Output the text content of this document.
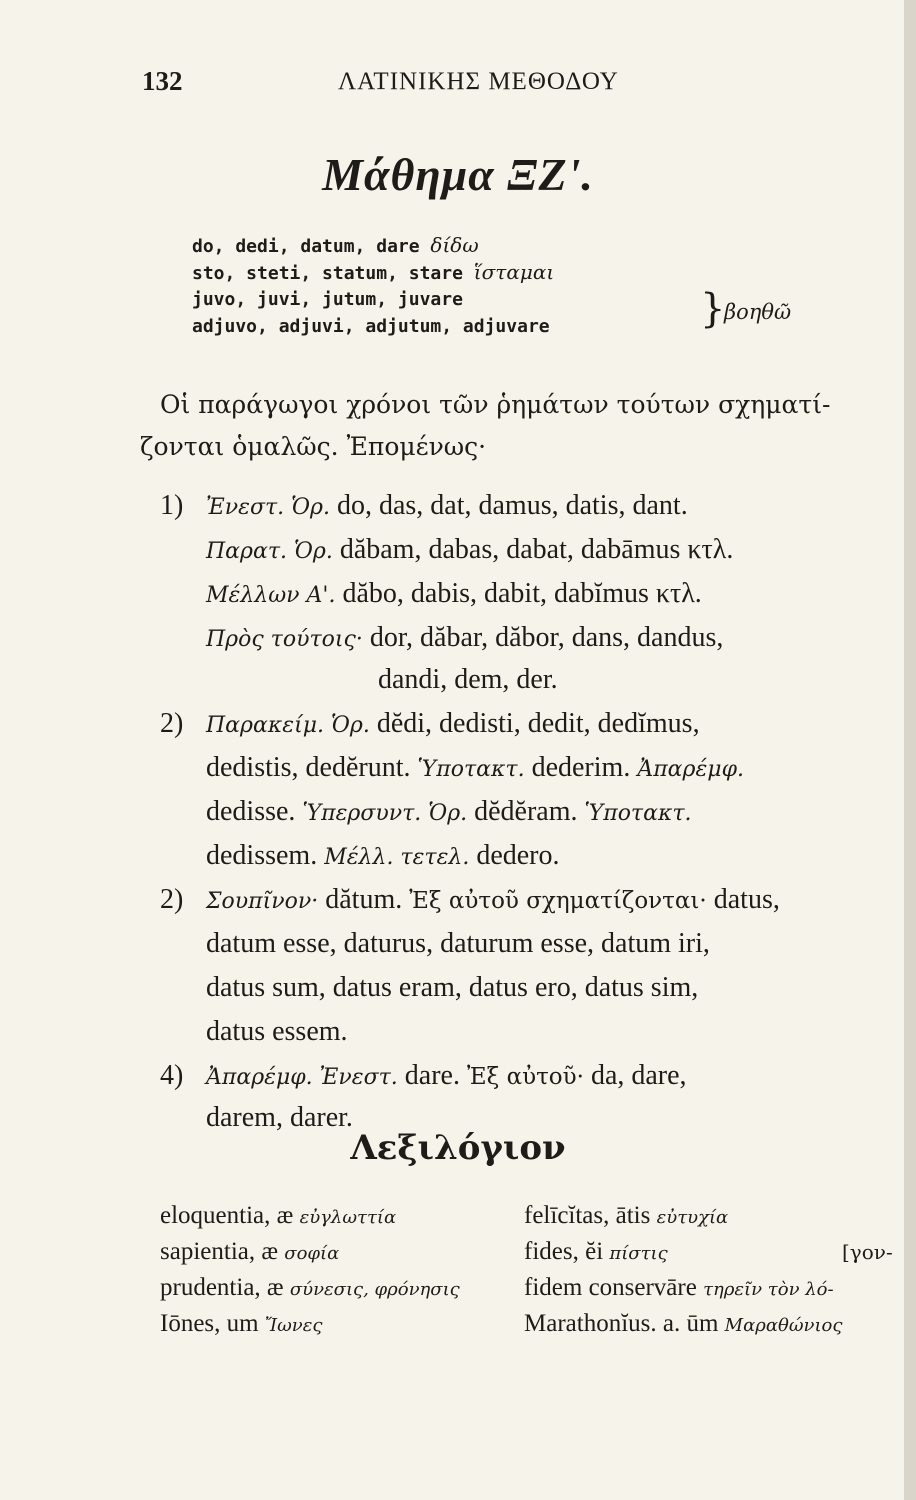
132	ΛΑΤΙΝΙΚΗΣ ΜΕΘΟΔΟΥ
Μάθημα ΞΖ'.
do, dedi, datum, dare δίδω
sto, steti, statum, stare ἵσταμαι
juvo, juvi, jutum, juvare
adjuvo, adjuvi, adjutum, adjuvare	}
βοηθῶ
Οἱ παράγωγοι χρόνοι τῶν ῥημάτων τούτων σχηματί-
ζονται ὁμαλῶς. Ἐπομένως·
1) Ἐνεστ. Ὁρ. do, das, dat, damus, datis, dant.
Παρατ. Ὁρ. dăbam, dabas, dabat, dabāmus κτλ.
Μέλλων Α'. dăbo, dabis, dabit, dabĭmus κτλ.
Πρὸς τούτοις· dor, dăbar, dăbor, dans, dandus,
dandi, dem, der.
2) Παρακείμ. Ὁρ. dĕdi, dedisti, dedit, dedĭmus,
dedistis, dedĕrunt. Ὑποτακτ. dederim. Ἀπαρέμφ.
dedisse. Ὑπερσυντ. Ὁρ. dĕdĕram. Ὑποτακτ.
dedissem. Μέλλ. τετελ. dedero.
2) Σουπῖνον· dătum. Ἐξ αὐτοῦ σχηματίζονται· datus,
datum esse, daturus, daturum esse, datum iri,
datus sum, datus eram, datus ero, datus sim,
datus essem.
4) Ἀπαρέμφ. Ἐνεστ. dare. Ἐξ αὐτοῦ· da, dare,
darem, darer.
Λεξιλόγιον
eloquentia, æ εὐγλωττία	felīcĭtas, ātis εὐτυχία
sapientia, æ σοφία	fides, ĕi πίστις	[γον-
prudentia, æ σύνεσις, φρόνησις	fidem conservāre τηρεῖν τὸν λό-
Iōnes, um Ἴωνες	Marathonĭus. a. ūm Μαραθώνιος
